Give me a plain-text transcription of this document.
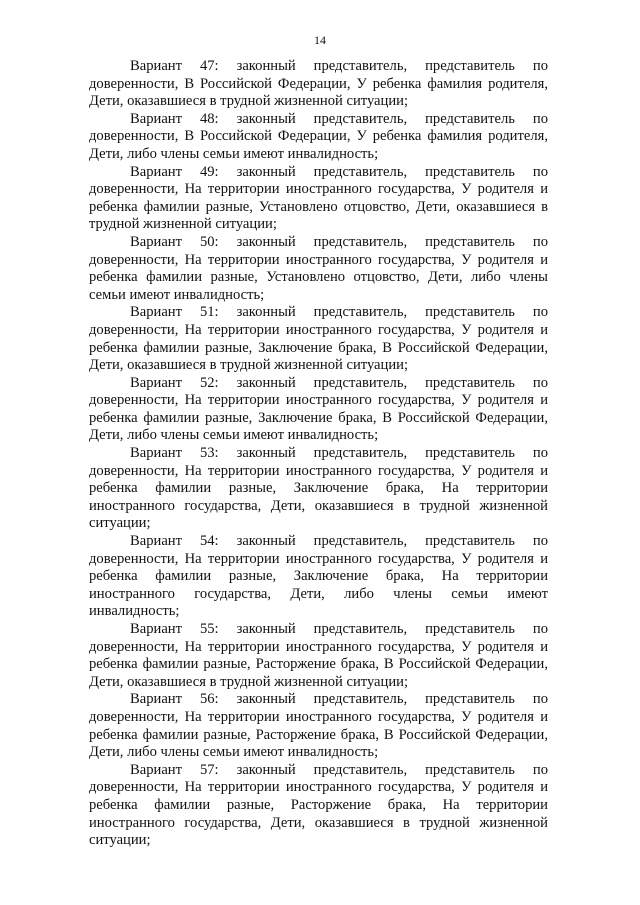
14

Вариант 47: законный представитель, представитель по доверенности, В Российской Федерации, У ребенка фамилия родителя, Дети, оказавшиеся в трудной жизненной ситуации;

Вариант 48: законный представитель, представитель по доверенности, В Российской Федерации, У ребенка фамилия родителя, Дети, либо члены семьи имеют инвалидность;

Вариант 49: законный представитель, представитель по доверенности, На территории иностранного государства, У родителя и ребенка фамилии разные, Установлено отцовство, Дети, оказавшиеся в трудной жизненной ситуации;

Вариант 50: законный представитель, представитель по доверенности, На территории иностранного государства, У родителя и ребенка фамилии разные, Установлено отцовство, Дети, либо члены семьи имеют инвалидность;

Вариант 51: законный представитель, представитель по доверенности, На территории иностранного государства, У родителя и ребенка фамилии разные, Заключение брака, В Российской Федерации, Дети, оказавшиеся в трудной жизненной ситуации;

Вариант 52: законный представитель, представитель по доверенности, На территории иностранного государства, У родителя и ребенка фамилии разные, Заключение брака, В Российской Федерации, Дети, либо члены семьи имеют инвалидность;

Вариант 53: законный представитель, представитель по доверенности, На территории иностранного государства, У родителя и ребенка фамилии разные, Заключение брака, На территории иностранного государства, Дети, оказавшиеся в трудной жизненной ситуации;

Вариант 54: законный представитель, представитель по доверенности, На территории иностранного государства, У родителя и ребенка фамилии разные, Заключение брака, На территории иностранного государства, Дети, либо члены семьи имеют инвалидность;

Вариант 55: законный представитель, представитель по доверенности, На территории иностранного государства, У родителя и ребенка фамилии разные, Расторжение брака, В Российской Федерации, Дети, оказавшиеся в трудной жизненной ситуации;

Вариант 56: законный представитель, представитель по доверенности, На территории иностранного государства, У родителя и ребенка фамилии разные, Расторжение брака, В Российской Федерации, Дети, либо члены семьи имеют инвалидность;

Вариант 57: законный представитель, представитель по доверенности, На территории иностранного государства, У родителя и ребенка фамилии разные, Расторжение брака, На территории иностранного государства, Дети, оказавшиеся в трудной жизненной ситуации;
